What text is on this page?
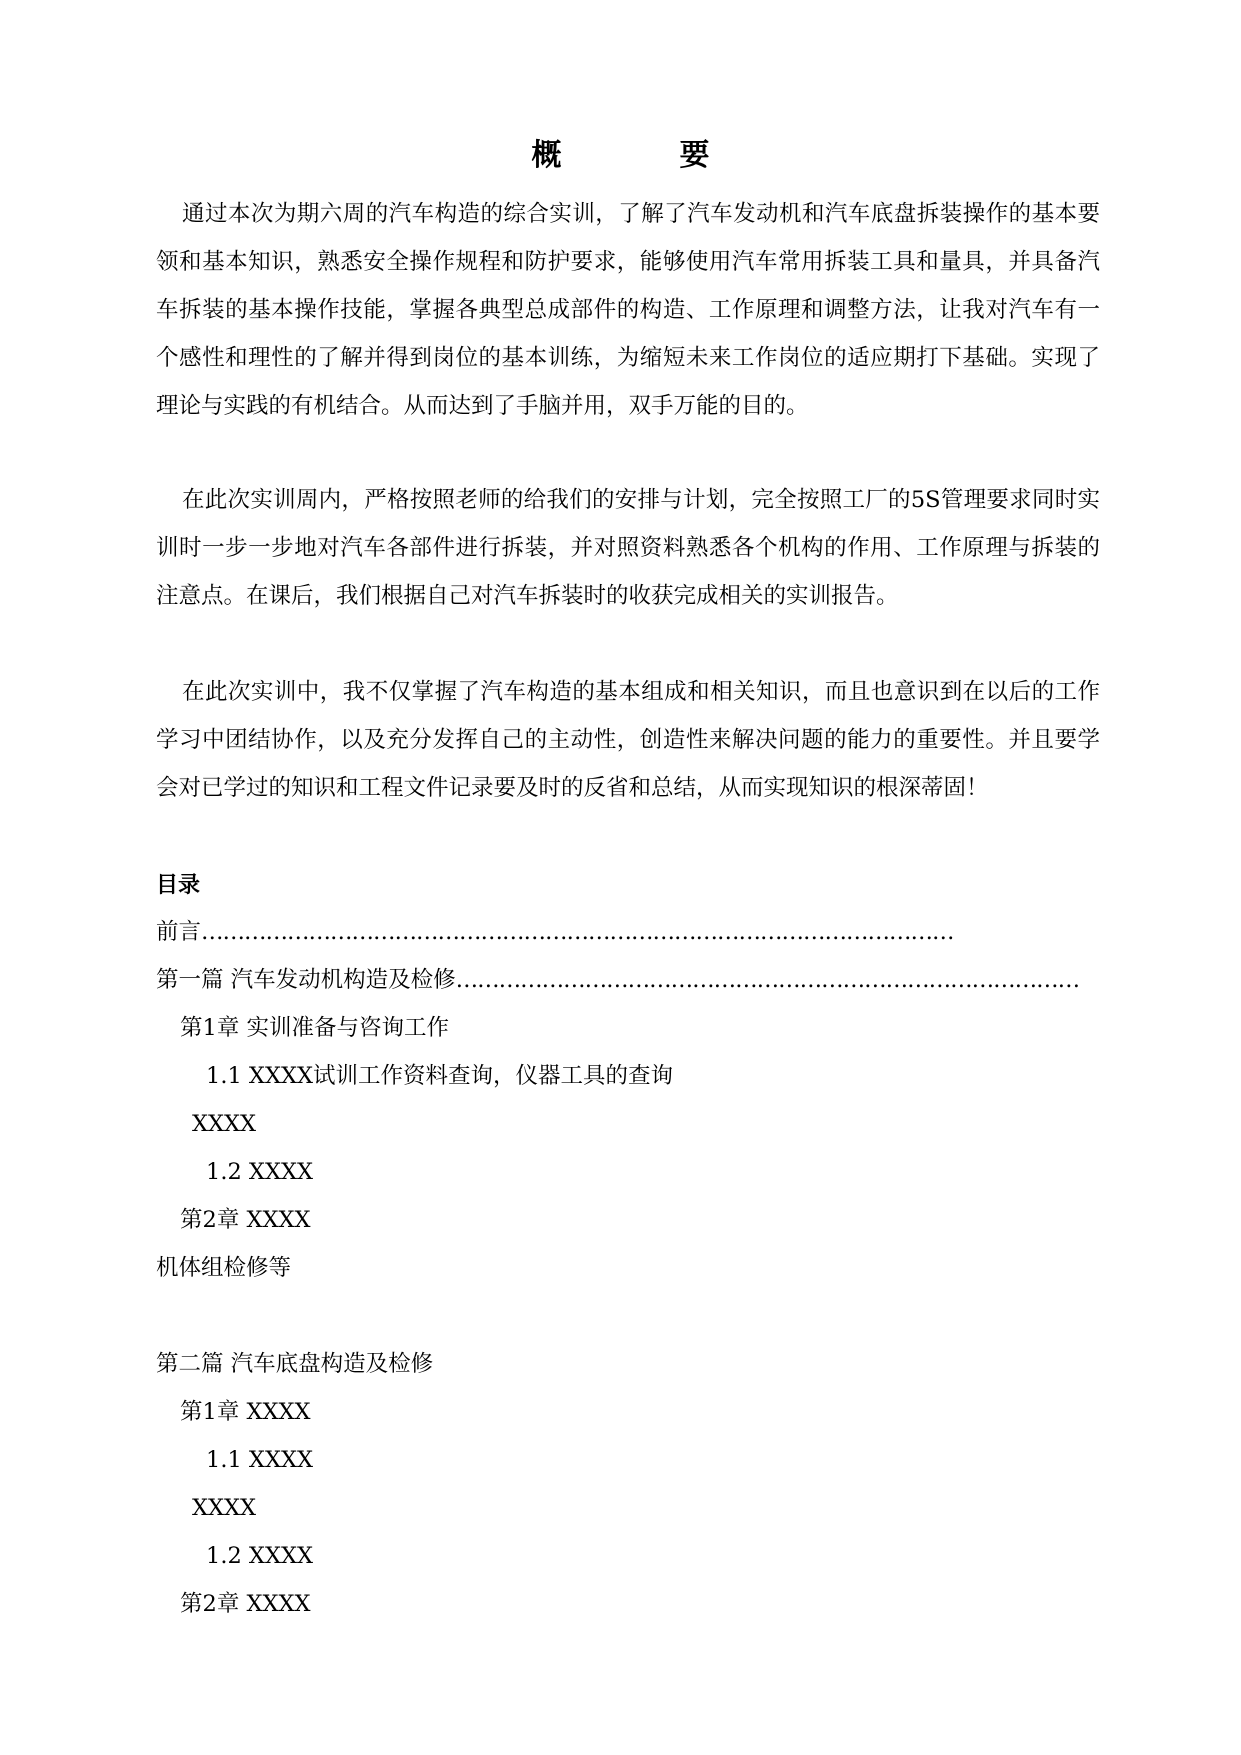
概　要

通过本次为期六周的汽车构造的综合实训，了解了汽车发动机和汽车底盘拆装操作的基本要领和基本知识，熟悉安全操作规程和防护要求，能够使用汽车常用拆装工具和量具，并具备汽车拆装的基本操作技能，掌握各典型总成部件的构造、工作原理和调整方法，让我对汽车有一个感性和理性的了解并得到岗位的基本训练，为缩短未来工作岗位的适应期打下基础。实现了理论与实践的有机结合。从而达到了手脑并用，双手万能的目的。

在此次实训周内，严格按照老师的给我们的安排与计划，完全按照工厂的5S管理要求同时实训时一步一步地对汽车各部件进行拆装，并对照资料熟悉各个机构的作用、工作原理与拆装的注意点。在课后，我们根据自己对汽车拆装时的收获完成相关的实训报告。

在此次实训中，我不仅掌握了汽车构造的基本组成和相关知识，而且也意识到在以后的工作学习中团结协作，以及充分发挥自己的主动性，创造性来解决问题的能力的重要性。并且要学会对已学过的知识和工程文件记录要及时的反省和总结，从而实现知识的根深蒂固！

目录
前言……………………………………………………………………………………………
第一篇 汽车发动机构造及检修……………………………………………………………………………
第1章 实训准备与咨询工作
1.1 XXXX试训工作资料查询，仪器工具的查询
XXXX
1.2 XXXX
第2章 XXXX
机体组检修等
第二篇 汽车底盘构造及检修
第1章 XXXX
1.1 XXXX
XXXX
1.2 XXXX
第2章 XXXX
